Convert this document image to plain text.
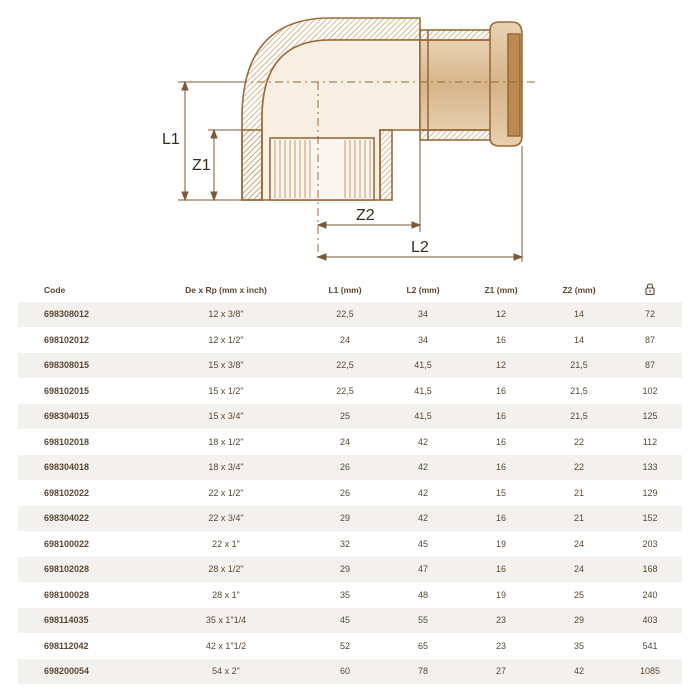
L1
Z1
Z2
L2
Code	De x Rp (mm x inch)	L1 (mm)	L2 (mm)	Z1 (mm)	Z2 (mm)	
698308012	12 x 3/8"	22,5	34	12	14	72
698102012	12 x 1/2"	24	34	16	14	87
698308015	15 x 3/8"	22,5	41,5	12	21,5	87
698102015	15 x 1/2"	22,5	41,5	16	21,5	102
698304015	15 x 3/4"	25	41,5	16	21,5	125
698102018	18 x 1/2"	24	42	16	22	112
698304018	18 x 3/4"	26	42	16	22	133
698102022	22 x 1/2"	26	42	15	21	129
698304022	22 x 3/4"	29	42	16	21	152
698100022	22 x 1"	32	45	19	24	203
698102028	28 x 1/2"	29	47	16	24	168
698100028	28 x 1"	35	48	19	25	240
698114035	35 x 1"1/4	45	55	23	29	403
698112042	42 x 1"1/2	52	65	23	35	541
698200054	54 x 2"	60	78	27	42	1085
